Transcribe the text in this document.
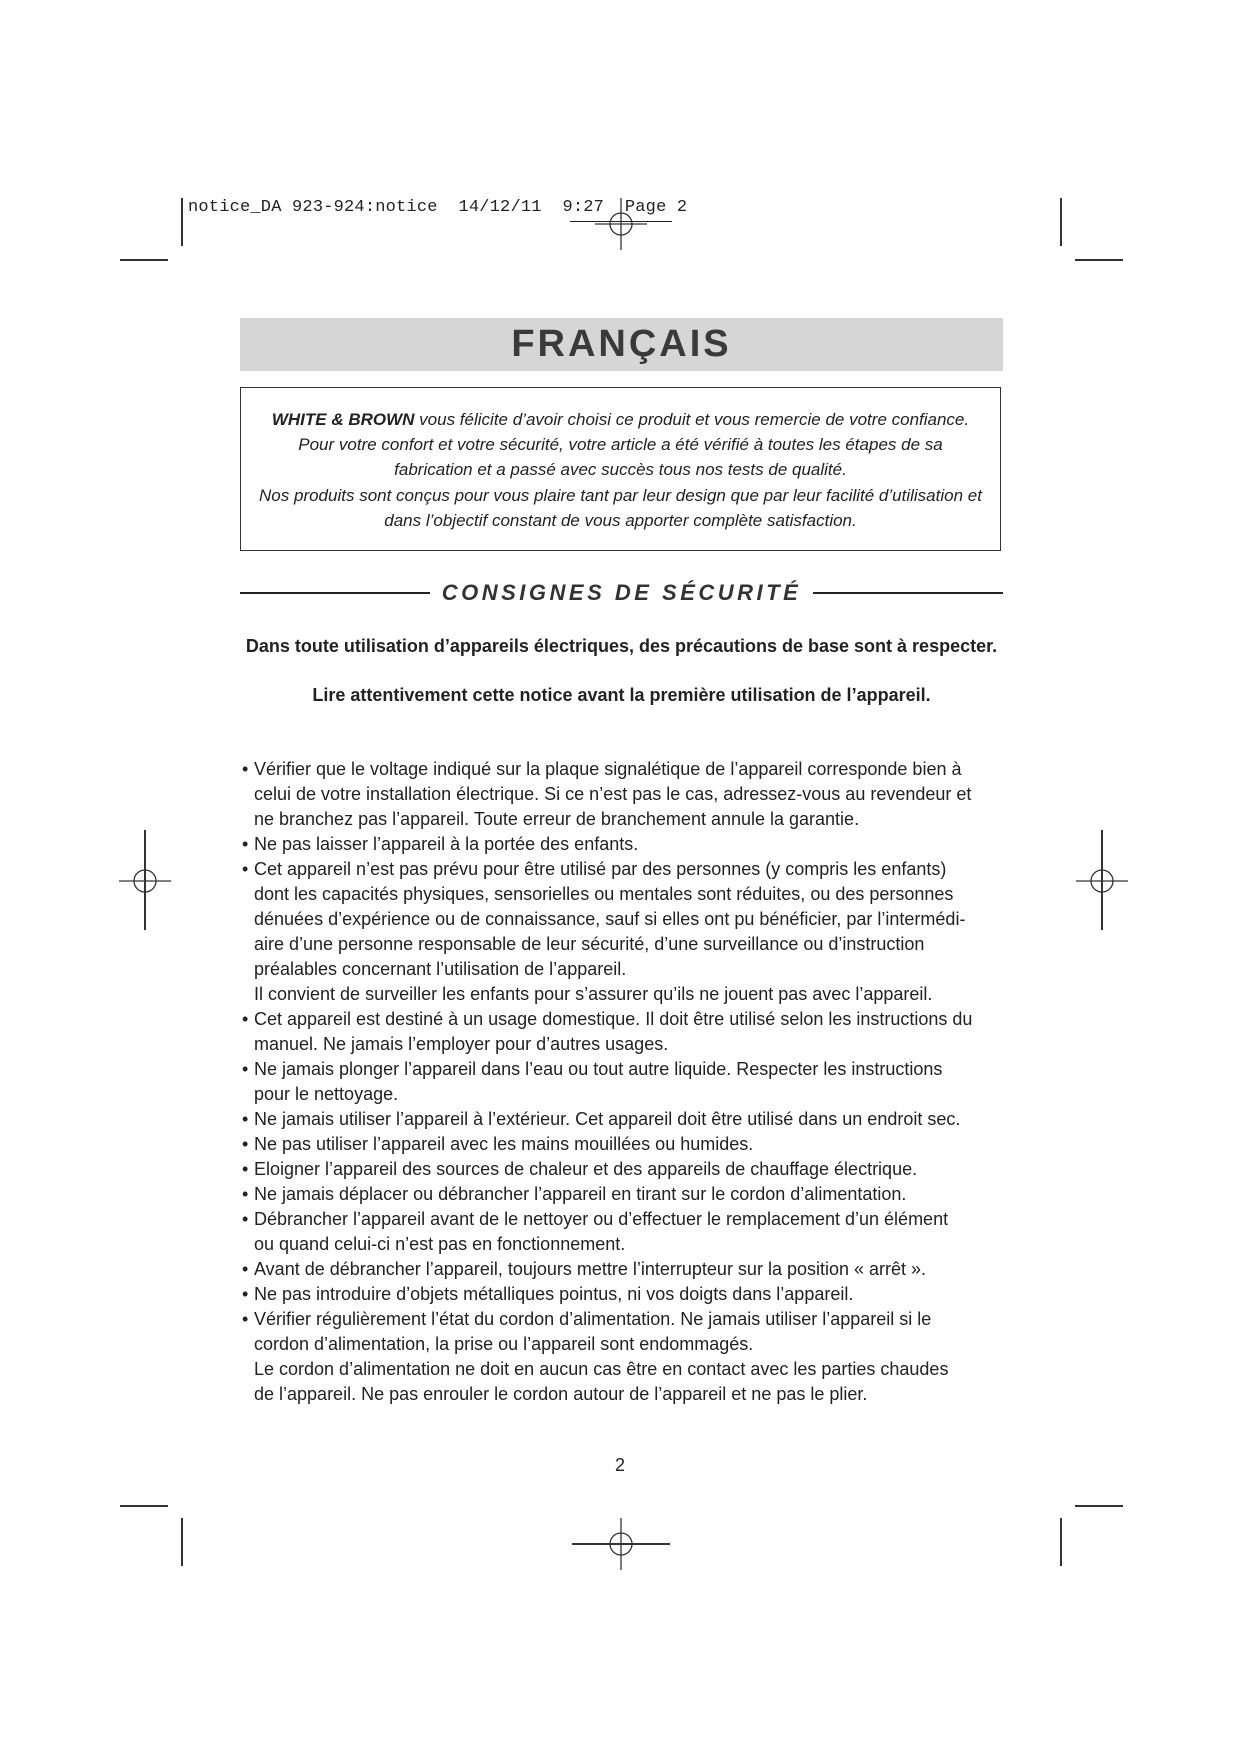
notice_DA 923-924:notice  14/12/11  9:27  Page 2
FRANÇAIS
WHITE & BROWN vous félicite d’avoir choisi ce produit et vous remercie de votre confiance.
Pour votre confort et votre sécurité, votre article a été vérifié à toutes les étapes de sa
fabrication et a passé avec succès tous nos tests de qualité.
Nos produits sont conçus pour vous plaire tant par leur design que par leur facilité d’utilisation et
dans l’objectif constant de vous apporter complète satisfaction.
CONSIGNES DE SÉCURITÉ
Dans toute utilisation d’appareils électriques, des précautions de base sont à respecter.
Lire attentivement cette notice avant la première utilisation de l’appareil.
• Vérifier que le voltage indiqué sur la plaque signalétique de l’appareil corresponde bien à
celui de votre installation électrique. Si ce n’est pas le cas, adressez-vous au revendeur et
ne branchez pas l’appareil. Toute erreur de branchement annule la garantie.
• Ne pas laisser l’appareil à la portée des enfants.
• Cet appareil n’est pas prévu pour être utilisé par des personnes (y compris les enfants)
dont les capacités physiques, sensorielles ou mentales sont réduites, ou des personnes
dénuées d’expérience ou de connaissance, sauf si elles ont pu bénéficier, par l’intermédi-
aire d’une personne responsable de leur sécurité, d’une surveillance ou d’instruction
préalables concernant l’utilisation de l’appareil.
Il convient de surveiller les enfants pour s’assurer qu’ils ne jouent pas avec l’appareil.
• Cet appareil est destiné à un usage domestique. Il doit être utilisé selon les instructions du
manuel. Ne jamais l’employer pour d’autres usages.
• Ne jamais plonger l’appareil dans l’eau ou tout autre liquide. Respecter les instructions
pour le nettoyage.
• Ne jamais utiliser l’appareil à l’extérieur. Cet appareil doit être utilisé dans un endroit sec.
• Ne pas utiliser l’appareil avec les mains mouillées ou humides.
• Eloigner l’appareil des sources de chaleur et des appareils de chauffage électrique.
• Ne jamais déplacer ou débrancher l’appareil en tirant sur le cordon d’alimentation.
• Débrancher l’appareil avant de le nettoyer ou d’effectuer le remplacement d’un élément
ou quand celui-ci n’est pas en fonctionnement.
• Avant de débrancher l’appareil, toujours mettre l’interrupteur sur la position « arrêt ».
• Ne pas introduire d’objets métalliques pointus, ni vos doigts dans l’appareil.
• Vérifier régulièrement l’état du cordon d’alimentation. Ne jamais utiliser l’appareil si le
cordon d’alimentation, la prise ou l’appareil sont endommagés.
Le cordon d’alimentation ne doit en aucun cas être en contact avec les parties chaudes
de l’appareil. Ne pas enrouler le cordon autour de l’appareil et ne pas le plier.
2
